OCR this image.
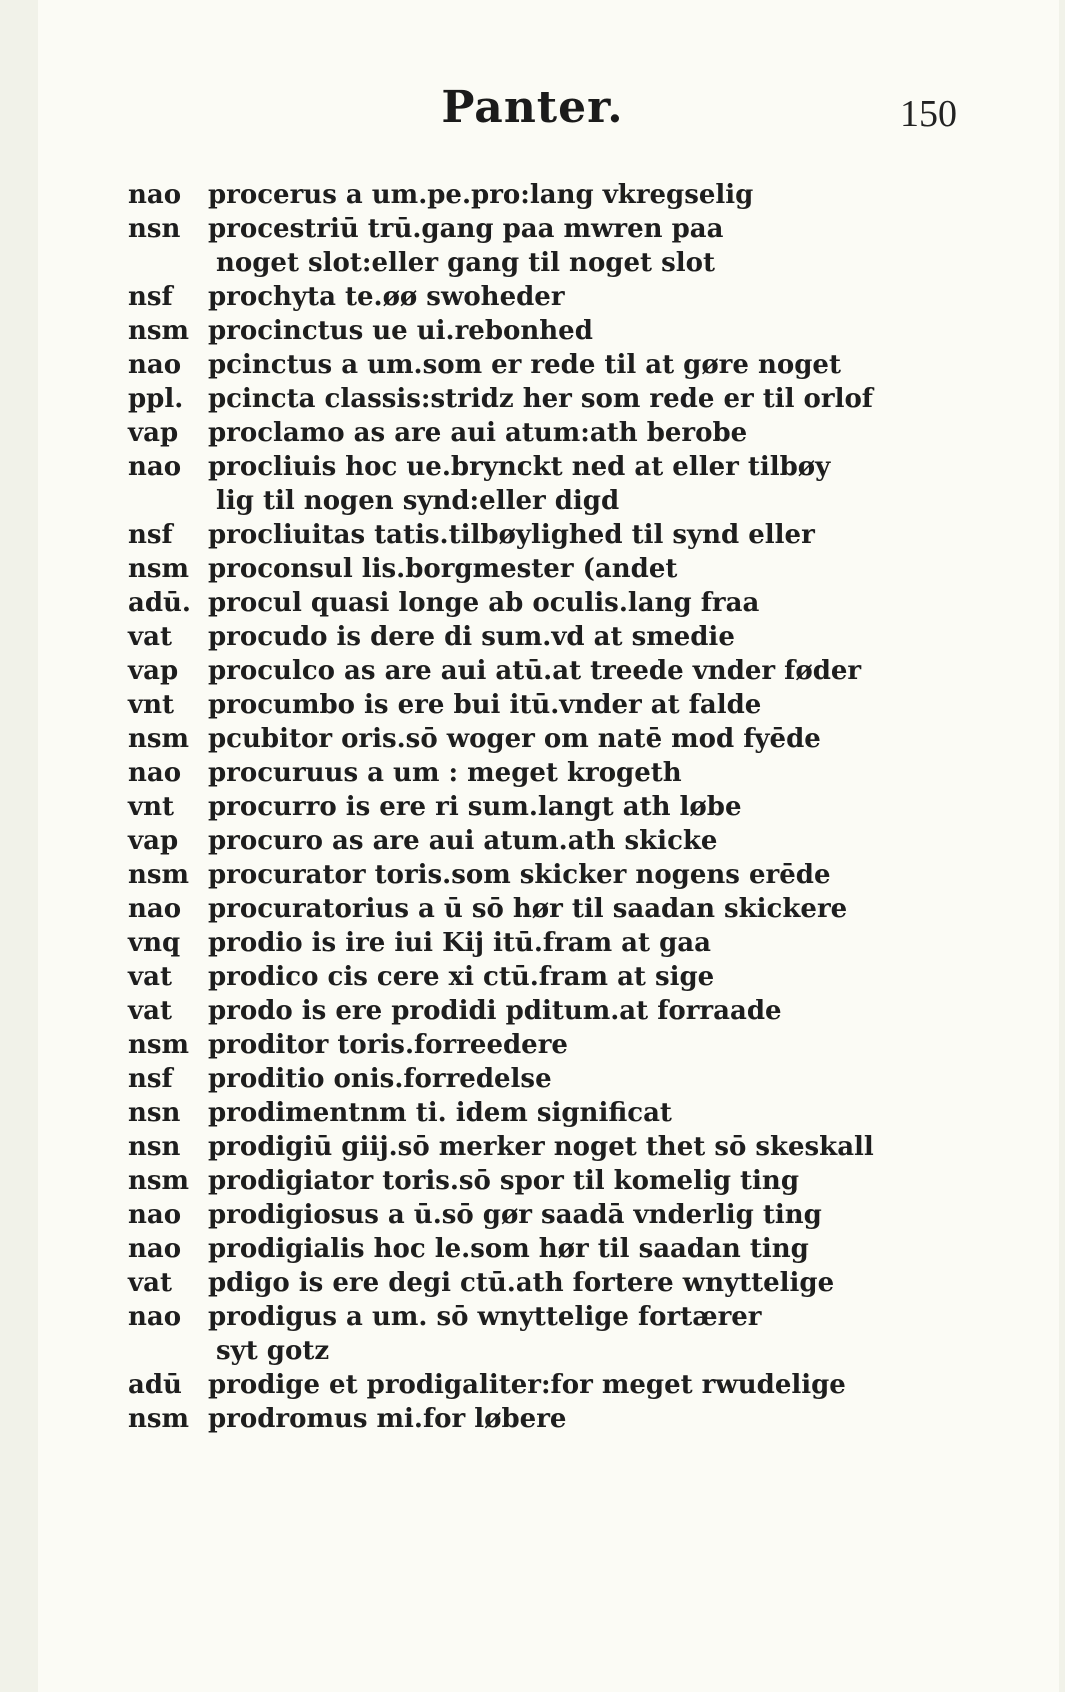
Panter.	150
nao	procerus a um.pe.pro:lang vkregselig
nsn	procestriū trū.gang paa mwren paa
noget slot:eller gang til noget slot
nsf	prochyta te.øø swoheder
nsm procinctus ue ui.rebonhed
nao	pcinctus a um.som er rede til at gøre noget
ppl. pcincta classis:stridz her som rede er til orlof
vap	proclamo as are aui atum:ath berobe
nao	procliuis hoc ue.brynckt ned at eller tilbøy
lig til nogen synd:eller digd
nsf	procliuitas tatis.tilbøylighed til synd eller
nsm proconsul lis.borgmester (andet
adū. procul quasi longe ab oculis.lang fraa
vat	procudo is dere di sum.vd at smedie
vap	proculco as are aui atū.at treede vnder føder
vnt	procumbo is ere bui itū.vnder at falde
nsm pcubitor oris.sō woger om natē mod fyēde
nao	procuruus a um : meget krogeth
vnt	procurro is ere ri sum.langt ath løbe
vap	procuro as are aui atum.ath skicke
nsm procurator toris.som skicker nogens erēde
nao	procuratorius a ū sō hør til saadan skickere
vnq	prodio is ire iui Kij itū.fram at gaa
vat	prodico cis cere xi ctū.fram at sige
vat	prodo is ere prodidi pditum.at forraade
nsm proditor toris.forreedere
nsf	proditio onis.forredelse
nsn	prodimentnm ti. idem significat
nsn	prodigiū giij.sō merker noget thet sō skeskall
nsm prodigiator toris.sō spor til komelig ting
nao	prodigiosus a ū.sō gør saadā vnderlig ting
nao	prodigialis hoc le.som hør til saadan ting
vat	pdigo is ere degi ctū.ath fortere wnyttelige
nao	prodigus a um. sō wnyttelige fortærer
syt gotz
adū	prodige et prodigaliter:for meget rwudelige
nsm prodromus mi.for løbere
